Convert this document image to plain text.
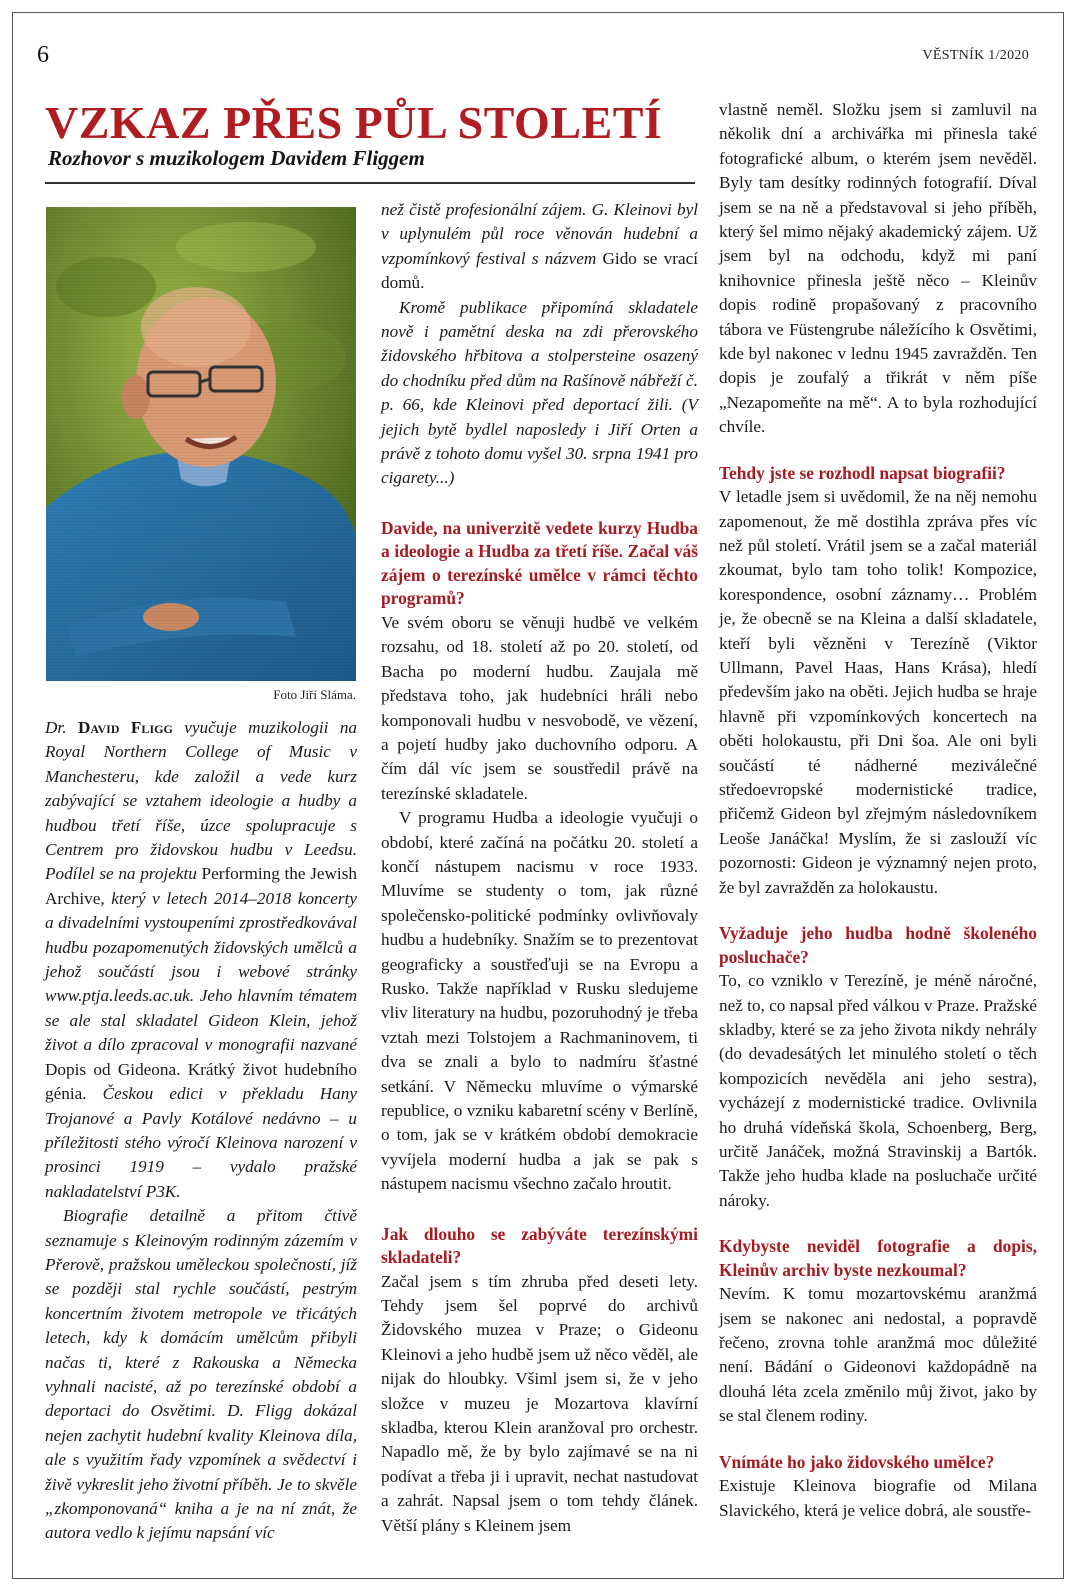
6	VĚSTNÍK 1/2020
VZKAZ PŘES PŮL STOLETÍ
Rozhovor s muzikologem Davidem Fliggem
Foto Jiří Sláma.

Dr. David Fligg vyučuje muzikologii na Royal Northern College of Music v Manchesteru, kde založil a vede kurz zabývající se vztahem ideologie a hudby a hudbou třetí říše, úzce spolupracuje s Centrem pro židovskou hudbu v Leedsu. Podílel se na projektu Performing the Jewish Archive, který v letech 2014–2018 koncerty a divadelními vystoupeními zprostředkovával hudbu pozapomenutých židovských umělců a jehož součástí jsou i webové stránky www.ptja.leeds.ac.uk. Jeho hlavním tématem se ale stal skladatel Gideon Klein, jehož život a dílo zpracoval v monografii nazvané Dopis od Gideona. Krátký život hudebního génia. Českou edici v překladu Hany Trojanové a Pavly Kotálové nedávno – u příležitosti stého výročí Kleinova narození v prosinci 1919 – vydalo pražské nakladatelství P3K.

Biografie detailně a přitom čtivě seznamuje s Kleinovým rodinným zázemím v Přerově, pražskou uměleckou společností, jíž se později stal rychle součástí, pestrým koncertním životem metropole ve třicátých letech, kdy k domácím umělcům přibyli načas ti, které z Rakouska a Německa vyhnali nacisté, až po terezínské období a deportaci do Osvětimi. D. Fligg dokázal nejen zachytit hudební kvality Kleinova díla, ale s využitím řady vzpomínek a svědectví i živě vykreslit jeho životní příběh. Je to skvěle „zkomponovaná“ kniha a je na ní znát, že autora vedlo k jejímu napsání víc

než čistě profesionální zájem. G. Kleinovi byl v uplynulém půl roce věnován hudební a vzpomínkový festival s názvem Gido se vrací domů.

Kromě publikace připomíná skladatele nově i pamětní deska na zdi přerovského židovského hřbitova a stolpersteine osazený do chodníku před dům na Rašínově nábřeží č. p. 66, kde Kleinovi před deportací žili. (V jejich bytě bydlel naposledy i Jiří Orten a právě z tohoto domu vyšel 30. srpna 1941 pro cigarety...)

Davide, na univerzitě vedete kurzy Hudba a ideologie a Hudba za třetí říše. Začal váš zájem o terezínské umělce v rámci těchto programů?

Ve svém oboru se věnuji hudbě ve velkém rozsahu, od 18. století až po 20. století, od Bacha po moderní hudbu. Zaujala mě představa toho, jak hudebníci hráli nebo komponovali hudbu v nesvobodě, ve vězení, a pojetí hudby jako duchovního odporu. A čím dál víc jsem se soustředil právě na terezínské skladatele.

V programu Hudba a ideologie vyučuji o období, které začíná na počátku 20. století a končí nástupem nacismu v roce 1933. Mluvíme se studenty o tom, jak různé společensko-politické podmínky ovlivňovaly hudbu a hudebníky. Snažím se to prezentovat geograficky a soustřeďuji se na Evropu a Rusko. Takže například v Rusku sledujeme vliv literatury na hudbu, pozoruhodný je třeba vztah mezi Tolstojem a Rachmaninovem, ti dva se znali a bylo to nadmíru šťastné setkání. V Německu mluvíme o výmarské republice, o vzniku kabaretní scény v Berlíně, o tom, jak se v krátkém období demokracie vyvíjela moderní hudba a jak se pak s nástupem nacismu všechno začalo hroutit.

Jak dlouho se zabýváte terezínskými skladateli?

Začal jsem s tím zhruba před deseti lety. Tehdy jsem šel poprvé do archivů Židovského muzea v Praze; o Gideonu Kleinovi a jeho hudbě jsem už něco věděl, ale nijak do hloubky. Všiml jsem si, že v jeho složce v muzeu je Mozartova klavírní skladba, kterou Klein aranžoval pro orchestr. Napadlo mě, že by bylo zajímavé se na ni podívat a třeba ji i upravit, nechat nastudovat a zahrát. Napsal jsem o tom tehdy článek. Větší plány s Kleinem jsem

vlastně neměl. Složku jsem si zamluvil na několik dní a archivářka mi přinesla také fotografické album, o kterém jsem nevěděl. Byly tam desítky rodinných fotografií. Díval jsem se na ně a představoval si jeho příběh, který šel mimo nějaký akademický zájem. Už jsem byl na odchodu, když mi paní knihovnice přinesla ještě něco – Kleinův dopis rodině propašovaný z pracovního tábora ve Füstengrube náležícího k Osvětimi, kde byl nakonec v lednu 1945 zavražděn. Ten dopis je zoufalý a třikrát v něm píše „Nezapomeňte na mě“. A to byla rozhodující chvíle.

Tehdy jste se rozhodl napsat biografii?

V letadle jsem si uvědomil, že na něj nemohu zapomenout, že mě dostihla zpráva přes víc než půl století. Vrátil jsem se a začal materiál zkoumat, bylo tam toho tolik! Kompozice, korespondence, osobní záznamy… Problém je, že obecně se na Kleina a další skladatele, kteří byli vězněni v Terezíně (Viktor Ullmann, Pavel Haas, Hans Krása), hledí především jako na oběti. Jejich hudba se hraje hlavně při vzpomínkových koncertech na oběti holokaustu, při Dni šoa. Ale oni byli součástí té nádherné meziválečné středoevropské modernistické tradice, přičemž Gideon byl zřejmým následovníkem Leoše Janáčka! Myslím, že si zaslouží víc pozornosti: Gideon je významný nejen proto, že byl zavražděn za holokaustu.

Vyžaduje jeho hudba hodně školeného posluchače?

To, co vzniklo v Terezíně, je méně náročné, než to, co napsal před válkou v Praze. Pražské skladby, které se za jeho života nikdy nehrály (do devadesátých let minulého století o těch kompozicích nevěděla ani jeho sestra), vycházejí z modernistické tradice. Ovlivnila ho druhá vídeňská škola, Schoenberg, Berg, určitě Janáček, možná Stravinskij a Bartók. Takže jeho hudba klade na posluchače určité nároky.

Kdybyste neviděl fotografie a dopis, Kleinův archiv byste nezkoumal?

Nevím. K tomu mozartovskému aranžmá jsem se nakonec ani nedostal, a popravdě řečeno, zrovna tohle aranžmá moc důležité není. Bádání o Gideonovi každopádně na dlouhá léta zcela změnilo můj život, jako by se stal členem rodiny.

Vnímáte ho jako židovského umělce?

Existuje Kleinova biografie od Milana Slavického, která je velice dobrá, ale soustře-
